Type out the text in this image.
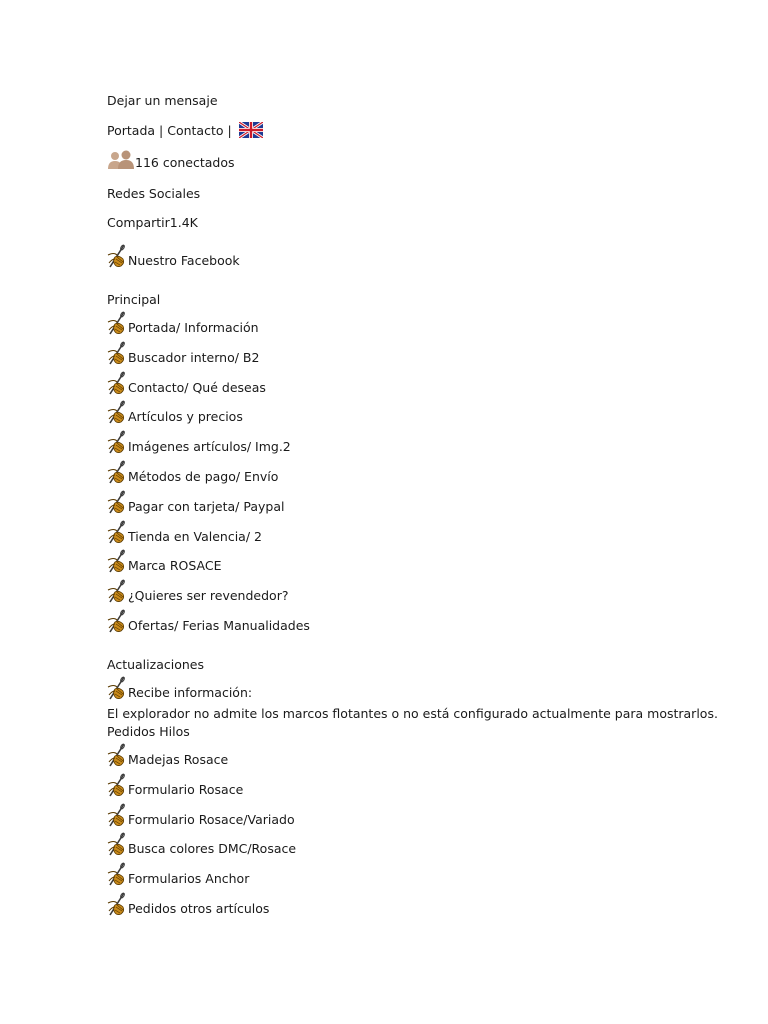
Dejar un mensaje
Portada | Contacto |
116 conectados
Redes Sociales
Compartir1.4K
Nuestro Facebook
Principal
Portada/ Información
Buscador interno/ B2
Contacto/ Qué deseas
Artículos y precios
Imágenes artículos/ Img.2
Métodos de pago/ Envío
Pagar con tarjeta/ Paypal
Tienda en Valencia/ 2
Marca ROSACE
¿Quieres ser revendedor?
Ofertas/ Ferias Manualidades
Actualizaciones
Recibe información:
El explorador no admite los marcos flotantes o no está configurado actualmente para mostrarlos.
Pedidos Hilos
Madejas Rosace
Formulario Rosace
Formulario Rosace/Variado
Busca colores DMC/Rosace
Formularios Anchor
Pedidos otros artículos
